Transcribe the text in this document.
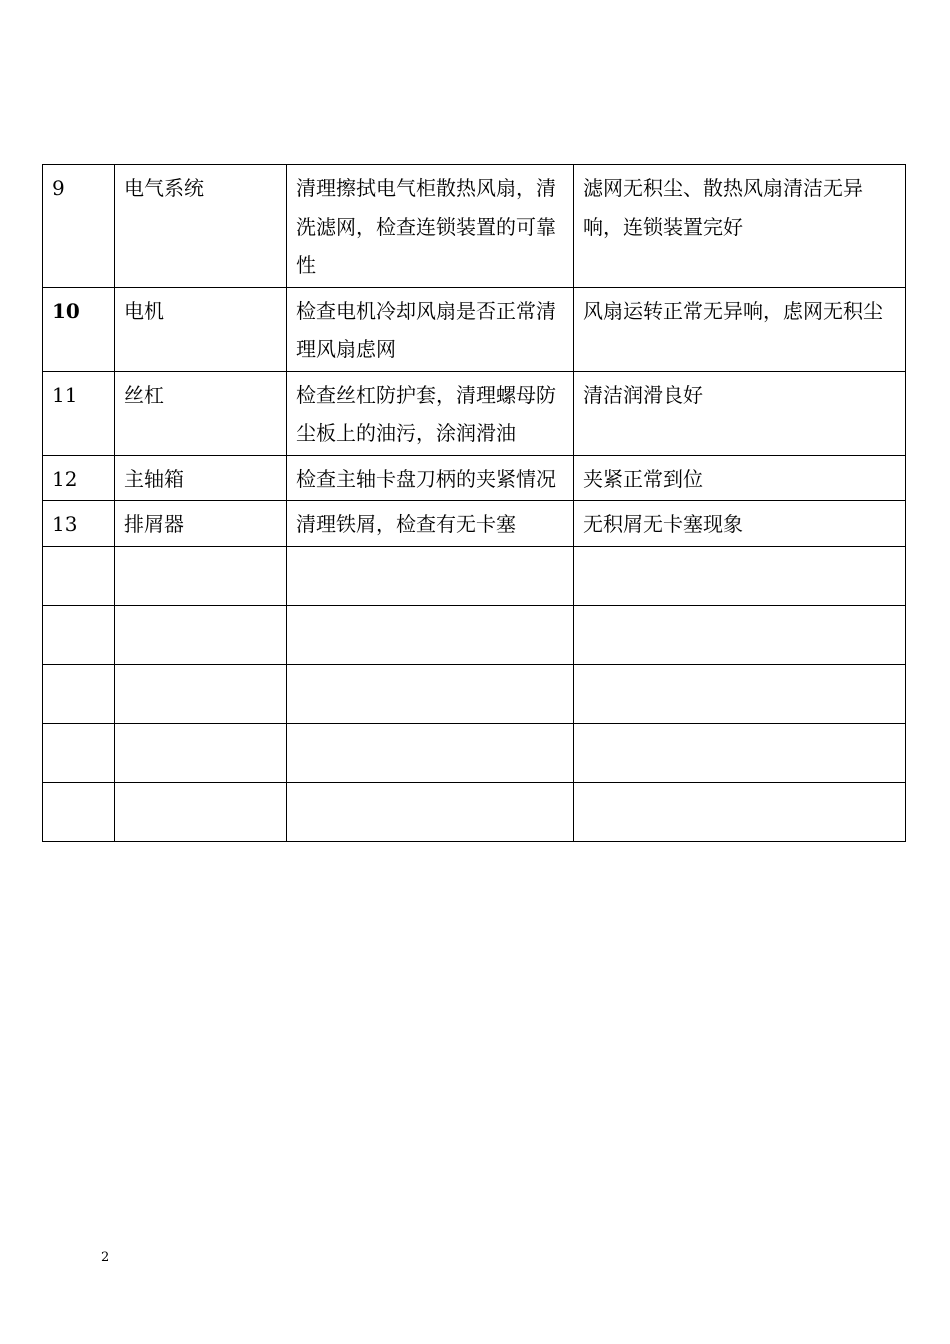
9	电气系统	清理擦拭电气柜散热风扇，清洗滤网，检查连锁装置的可靠性	滤网无积尘、散热风扇清洁无异响，连锁装置完好
10	电机	检查电机冷却风扇是否正常清理风扇虑网	风扇运转正常无异响，虑网无积尘
11	丝杠	检查丝杠防护套，清理螺母防尘板上的油污，涂润滑油	清洁润滑良好
12	主轴箱	检查主轴卡盘刀柄的夹紧情况	夹紧正常到位
13	排屑器	清理铁屑，检查有无卡塞	无积屑无卡塞现象

2
